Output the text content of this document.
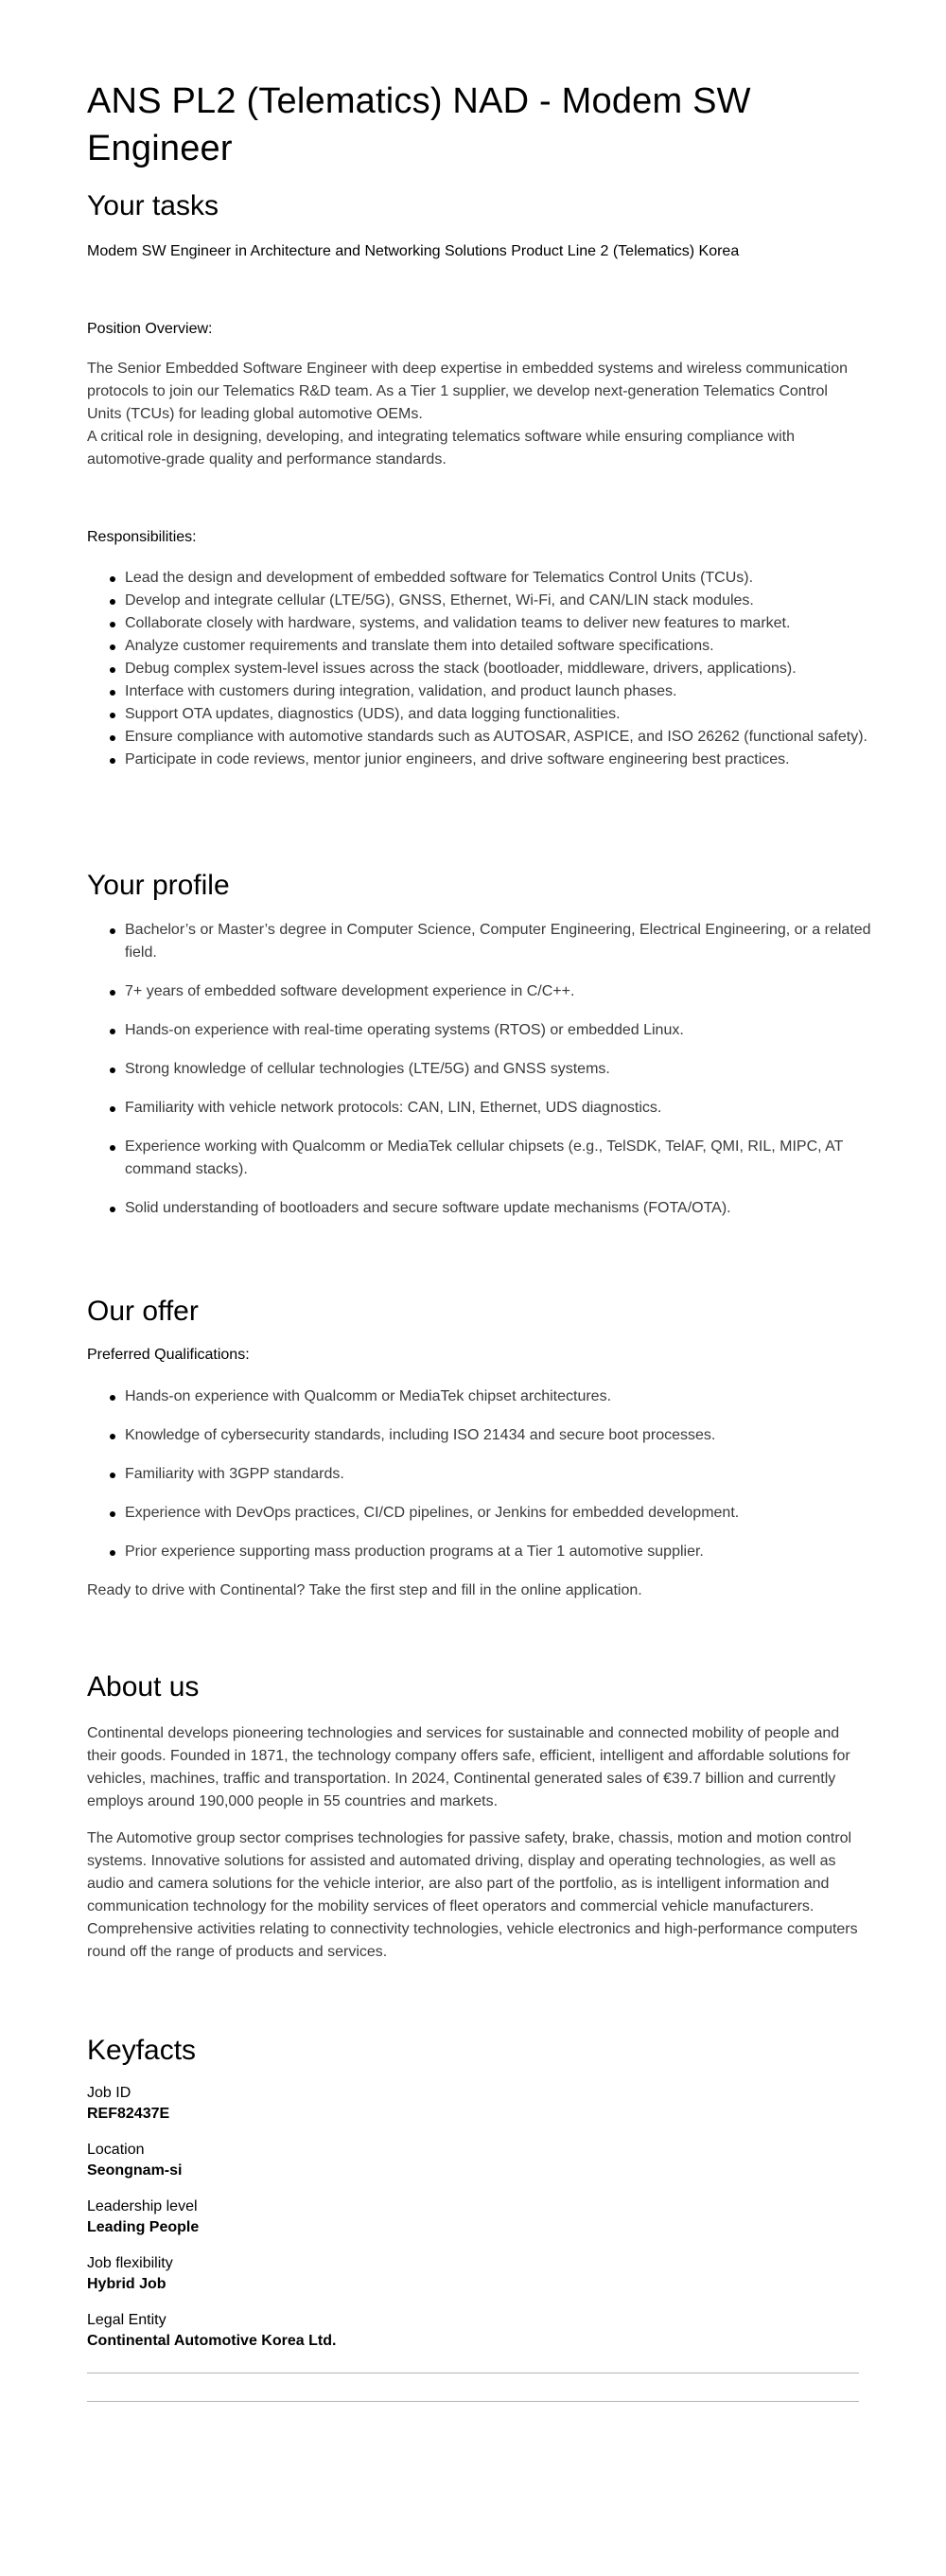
ANS PL2 (Telematics) NAD - Modem SW Engineer
Your tasks

Modem SW Engineer in Architecture and Networking Solutions Product Line 2 (Telematics) Korea

Position Overview:

The Senior Embedded Software Engineer with deep expertise in embedded systems and wireless communication protocols to join our Telematics R&D team. As a Tier 1 supplier, we develop next-generation Telematics Control Units (TCUs) for leading global automotive OEMs.

A critical role in designing, developing, and integrating telematics software while ensuring compliance with automotive-grade quality and performance standards.

Responsibilities:

Lead the design and development of embedded software for Telematics Control Units (TCUs).
Develop and integrate cellular (LTE/5G), GNSS, Ethernet, Wi-Fi, and CAN/LIN stack modules.
Collaborate closely with hardware, systems, and validation teams to deliver new features to market.
Analyze customer requirements and translate them into detailed software specifications.
Debug complex system-level issues across the stack (bootloader, middleware, drivers, applications).
Interface with customers during integration, validation, and product launch phases.
Support OTA updates, diagnostics (UDS), and data logging functionalities.
Ensure compliance with automotive standards such as AUTOSAR, ASPICE, and ISO 26262 (functional safety).
Participate in code reviews, mentor junior engineers, and drive software engineering best practices.
Your profile
Bachelor’s or Master’s degree in Computer Science, Computer Engineering, Electrical Engineering, or a related field.
7+ years of embedded software development experience in C/C++.
Hands-on experience with real-time operating systems (RTOS) or embedded Linux.
Strong knowledge of cellular technologies (LTE/5G) and GNSS systems.
Familiarity with vehicle network protocols: CAN, LIN, Ethernet, UDS diagnostics.
Experience working with Qualcomm or MediaTek cellular chipsets (e.g., TelSDK, TelAF, QMI, RIL, MIPC, AT command stacks).
Solid understanding of bootloaders and secure software update mechanisms (FOTA/OTA).
Our offer

Preferred Qualifications:

Hands-on experience with Qualcomm or MediaTek chipset architectures.
Knowledge of cybersecurity standards, including ISO 21434 and secure boot processes.
Familiarity with 3GPP standards.
Experience with DevOps practices, CI/CD pipelines, or Jenkins for embedded development.
Prior experience supporting mass production programs at a Tier 1 automotive supplier.

Ready to drive with Continental? Take the first step and fill in the online application.

About us

Continental develops pioneering technologies and services for sustainable and connected mobility of people and their goods. Founded in 1871, the technology company offers safe, efficient, intelligent and affordable solutions for vehicles, machines, traffic and transportation. In 2024, Continental generated sales of €39.7 billion and currently employs around 190,000 people in 55 countries and markets.

The Automotive group sector comprises technologies for passive safety, brake, chassis, motion and motion control systems. Innovative solutions for assisted and automated driving, display and operating technologies, as well as audio and camera solutions for the vehicle interior, are also part of the portfolio, as is intelligent information and communication technology for the mobility services of fleet operators and commercial vehicle manufacturers. Comprehensive activities relating to connectivity technologies, vehicle electronics and high-performance computers round off the range of products and services.

Keyfacts
Job ID
REF82437E
Location
Seongnam-si
Leadership level
Leading People
Job flexibility
Hybrid Job
Legal Entity
Continental Automotive Korea Ltd.
